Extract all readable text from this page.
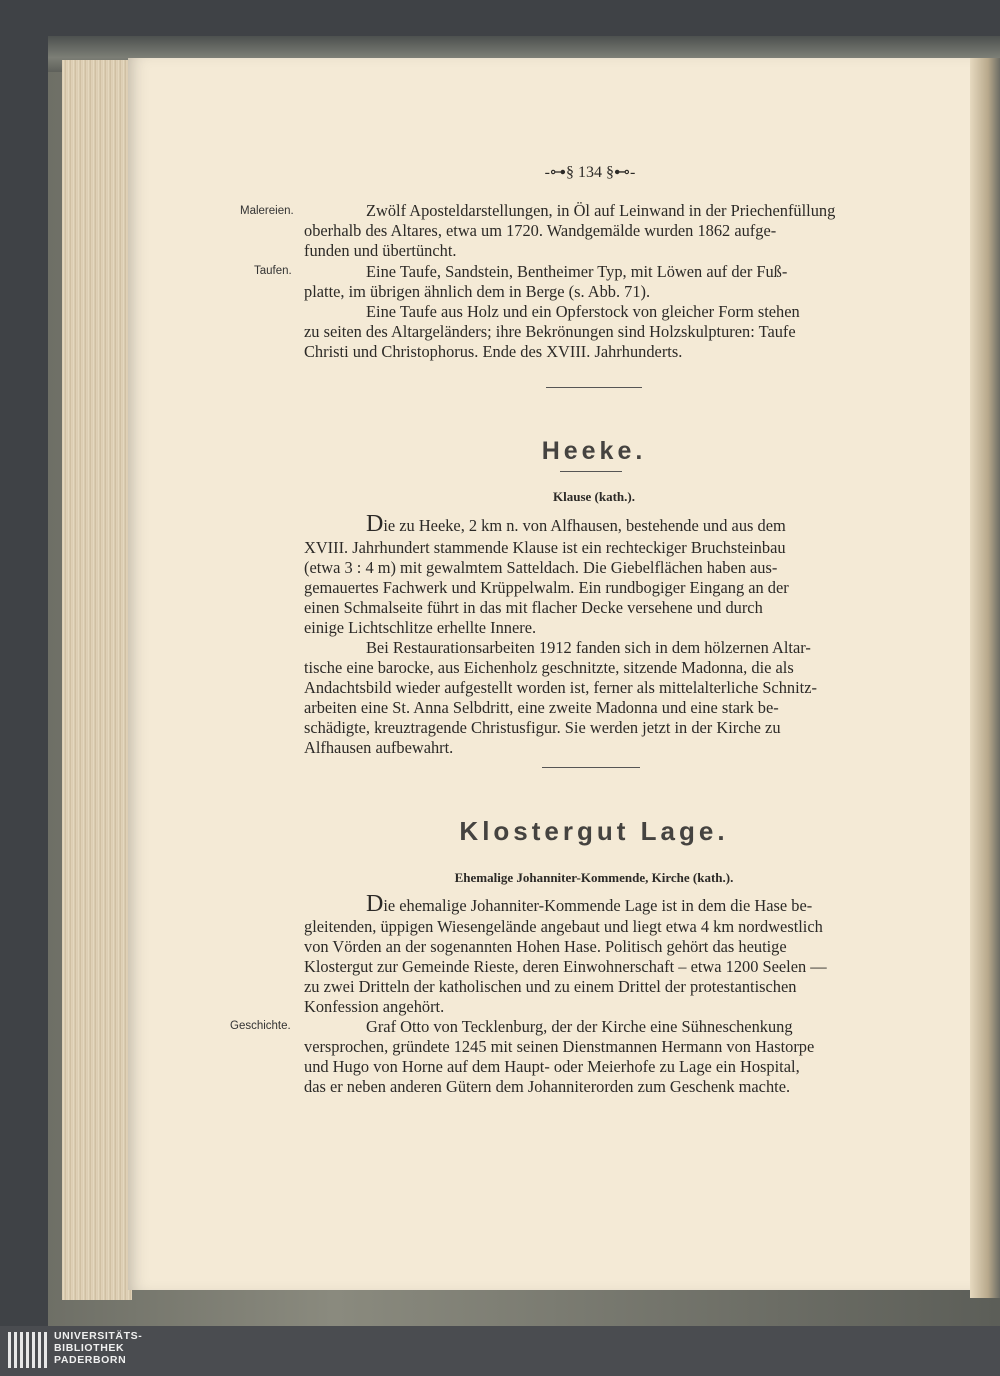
-⊶§ 134 §⊷-

Malereien.

Taufen.

Geschichte.

Zwölf Aposteldarstellungen, in Öl auf Leinwand in der Priechenfüllung

oberhalb des Altares, etwa um 1720. Wandgemälde wurden 1862 aufge-

funden und übertüncht.

Eine Taufe, Sandstein, Bentheimer Typ, mit Löwen auf der Fuß-

platte, im übrigen ähnlich dem in Berge (s. Abb. 71).

Eine Taufe aus Holz und ein Opferstock von gleicher Form stehen

zu seiten des Altargeländers; ihre Bekrönungen sind Holzskulpturen: Taufe

Christi und Christophorus. Ende des XVIII. Jahrhunderts.

Heeke.

Klause (kath.).

Die zu Heeke, 2 km n. von Alfhausen, bestehende und aus dem

XVIII. Jahrhundert stammende Klause ist ein rechteckiger Bruchsteinbau

(etwa 3 : 4 m) mit gewalmtem Satteldach. Die Giebelflächen haben aus-

gemauertes Fachwerk und Krüppelwalm. Ein rundbogiger Eingang an der

einen Schmalseite führt in das mit flacher Decke versehene und durch

einige Lichtschlitze erhellte Innere.

Bei Restaurationsarbeiten 1912 fanden sich in dem hölzernen Altar-

tische eine barocke, aus Eichenholz geschnitzte, sitzende Madonna, die als

Andachtsbild wieder aufgestellt worden ist, ferner als mittelalterliche Schnitz-

arbeiten eine St. Anna Selbdritt, eine zweite Madonna und eine stark be-

schädigte, kreuztragende Christusfigur. Sie werden jetzt in der Kirche zu

Alfhausen aufbewahrt.

Klostergut Lage.

Ehemalige Johanniter-Kommende, Kirche (kath.).

Die ehemalige Johanniter-Kommende Lage ist in dem die Hase be-

gleitenden, üppigen Wiesengelände angebaut und liegt etwa 4 km nordwestlich

von Vörden an der sogenannten Hohen Hase. Politisch gehört das heutige

Klostergut zur Gemeinde Rieste, deren Einwohnerschaft – etwa 1200 Seelen —

zu zwei Dritteln der katholischen und zu einem Drittel der protestantischen

Konfession angehört.

Graf Otto von Tecklenburg, der der Kirche eine Sühneschenkung

versprochen, gründete 1245 mit seinen Dienstmannen Hermann von Hastorpe

und Hugo von Horne auf dem Haupt- oder Meierhofe zu Lage ein Hospital,

das er neben anderen Gütern dem Johanniterorden zum Geschenk machte.

UNIVERSITÄTS-

BIBLIOTHEK

PADERBORN
